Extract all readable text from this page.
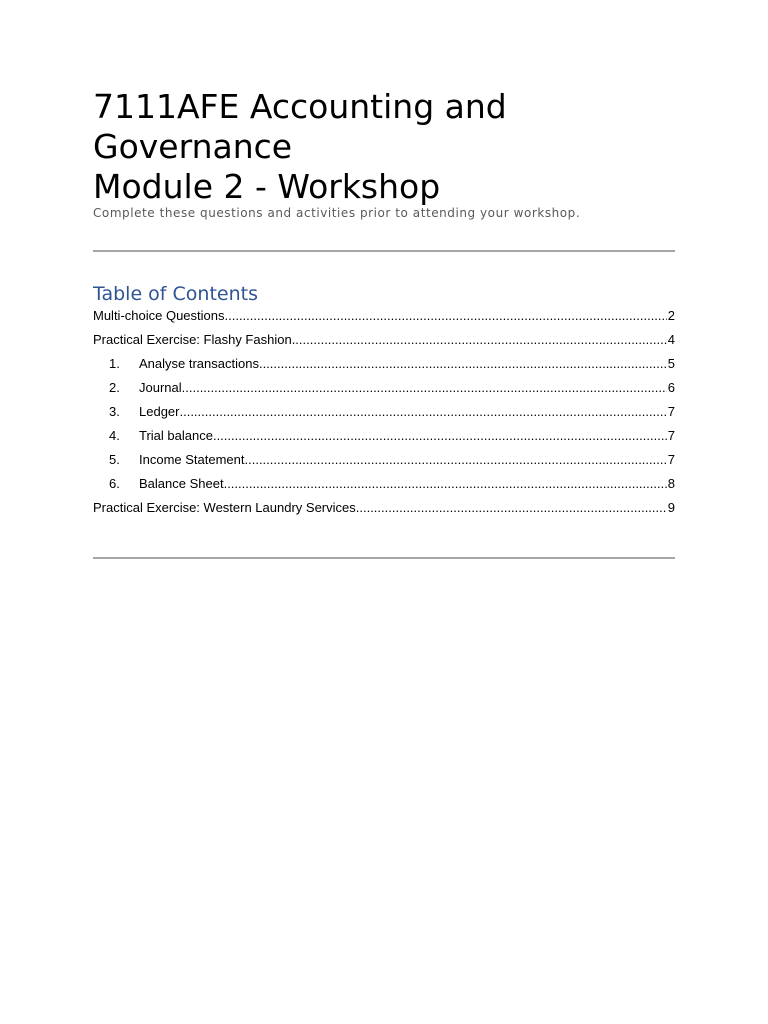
7111AFE Accounting and
Governance
Module 2 - Workshop
Complete these questions and activities prior to attending your workshop.
Table of Contents
Multi-choice Questions .....	2
Practical Exercise: Flashy Fashion .....	4
1.	Analyse transactions .....	5
2.	Journal .....	6
3.	Ledger .....	7
4.	Trial balance .....	7
5.	Income Statement .....	7
6.	Balance Sheet .....	8
Practical Exercise: Western Laundry Services .....	9
